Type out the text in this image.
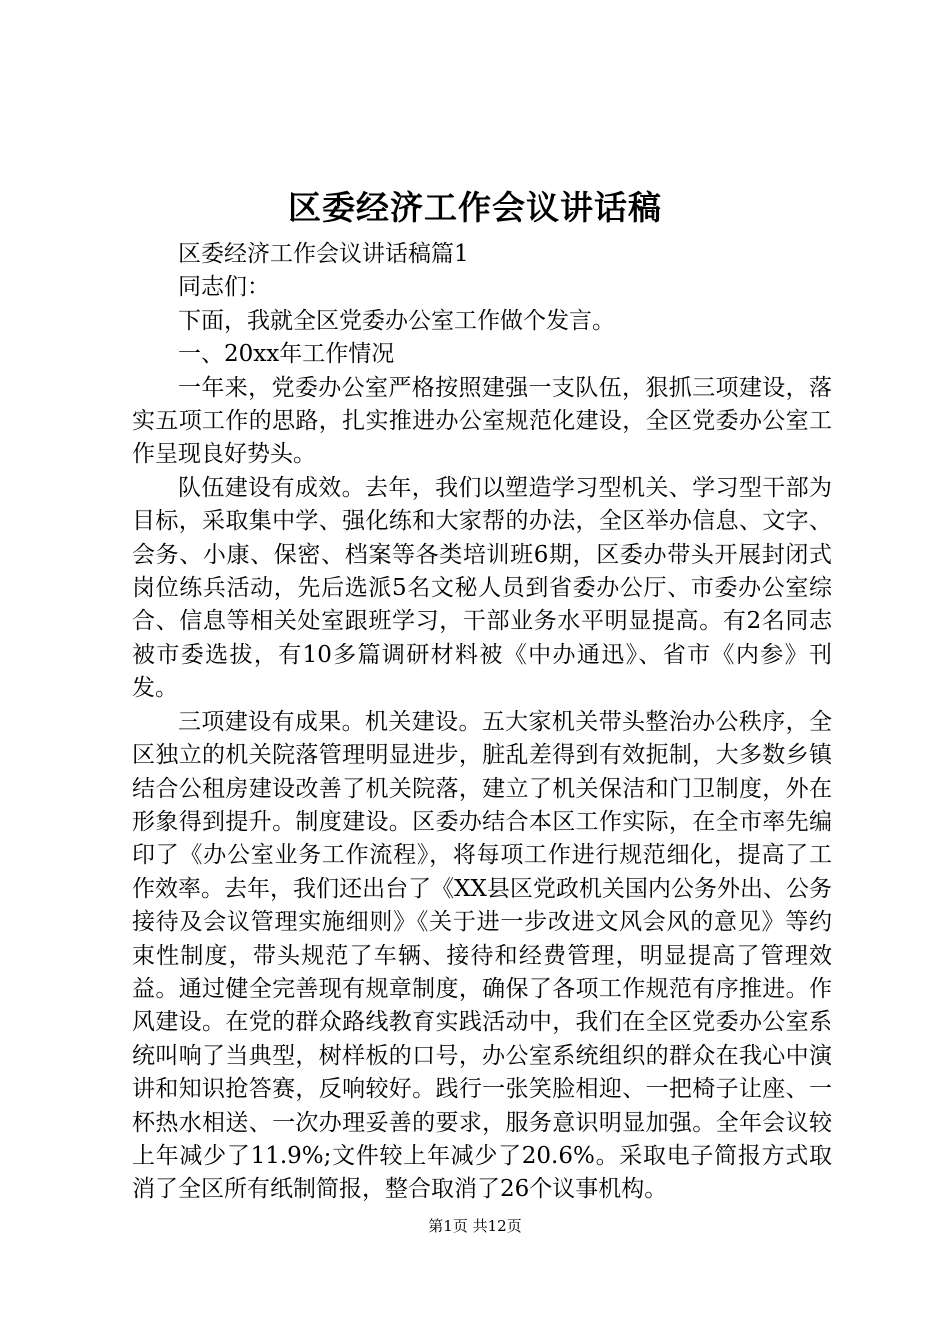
区委经济工作会议讲话稿

区委经济工作会议讲话稿篇1

同志们：

下面，我就全区党委办公室工作做个发言。

一、20xx年工作情况

一年来，党委办公室严格按照建强一支队伍，狠抓三项建设，落实五项工作的思路，扎实推进办公室规范化建设，全区党委办公室工作呈现良好势头。

队伍建设有成效。去年，我们以塑造学习型机关、学习型干部为目标，采取集中学、强化练和大家帮的办法，全区举办信息、文字、会务、小康、保密、档案等各类培训班6期，区委办带头开展封闭式岗位练兵活动，先后选派5名文秘人员到省委办公厅、市委办公室综合、信息等相关处室跟班学习，干部业务水平明显提高。有2名同志被市委选拔，有10多篇调研材料被《中办通迅》、省市《内参》刊发。

三项建设有成果。机关建设。五大家机关带头整治办公秩序，全区独立的机关院落管理明显进步，脏乱差得到有效扼制，大多数乡镇结合公租房建设改善了机关院落，建立了机关保洁和门卫制度，外在形象得到提升。制度建设。区委办结合本区工作实际，在全市率先编印了《办公室业务工作流程》，将每项工作进行规范细化，提高了工作效率。去年，我们还出台了《XX县区党政机关国内公务外出、公务接待及会议管理实施细则》《关于进一步改进文风会风的意见》等约束性制度，带头规范了车辆、接待和经费管理，明显提高了管理效益。通过健全完善现有规章制度，确保了各项工作规范有序推进。作风建设。在党的群众路线教育实践活动中，我们在全区党委办公室系统叫响了当典型，树样板的口号，办公室系统组织的群众在我心中演讲和知识抢答赛，反响较好。践行一张笑脸相迎、一把椅子让座、一杯热水相送、一次办理妥善的要求，服务意识明显加强。全年会议较上年减少了11.9%;文件较上年减少了20.6%。采取电子简报方式取消了全区所有纸制简报，整合取消了26个议事机构。

第1页 共12页
